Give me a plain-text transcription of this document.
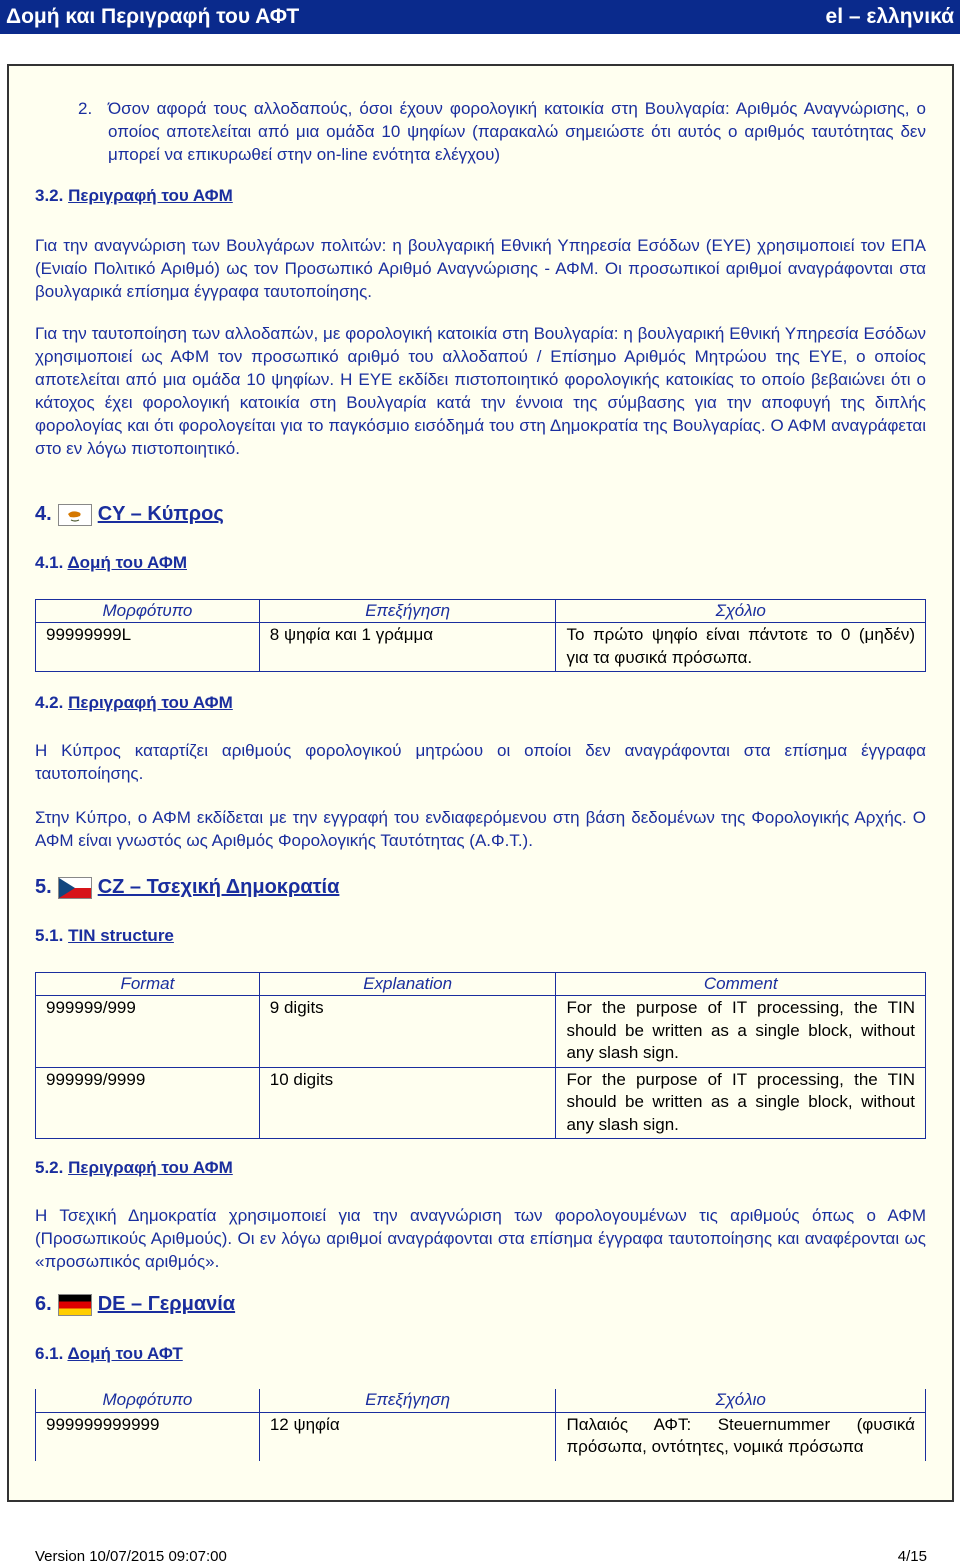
Δομή και Περιγραφή του ΑΦΤ	el – ελληνικά
2. Όσον αφορά τους αλλοδαπούς, όσοι έχουν φορολογική κατοικία στη Βουλγαρία: Αριθμός Αναγνώρισης, ο οποίος αποτελείται από μια ομάδα 10 ψηφίων (παρακαλώ σημειώστε ότι αυτός ο αριθμός ταυτότητας δεν μπορεί να επικυρωθεί στην on-line ενότητα ελέγχου)
3.2. Περιγραφή του ΑΦΜ
Για την αναγνώριση των Βουλγάρων πολιτών: η βουλγαρική Εθνική Υπηρεσία Εσόδων (ΕΥΕ) χρησιμοποιεί τον ΕΠΑ (Ενιαίο Πολιτικό Αριθμό) ως τον Προσωπικό Αριθμό Αναγνώρισης - ΑΦΜ. Οι προσωπικοί αριθμοί αναγράφονται στα βουλγαρικά επίσημα έγγραφα ταυτοποίησης.
Για την ταυτοποίηση των αλλοδαπών, με φορολογική κατοικία στη Βουλγαρία: η βουλγαρική Εθνική Υπηρεσία Εσόδων χρησιμοποιεί ως ΑΦΜ τον προσωπικό αριθμό του αλλοδαπού / Επίσημο Αριθμός Μητρώου της ΕΥΕ, ο οποίος αποτελείται από μια ομάδα 10 ψηφίων. Η ΕΥΕ εκδίδει πιστοποιητικό φορολογικής κατοικίας το οποίο βεβαιώνει ότι ο κάτοχος έχει φορολογική κατοικία στη Βουλγαρία κατά την έννοια της σύμβασης για την αποφυγή της διπλής φορολογίας και ότι φορολογείται για το παγκόσμιο εισόδημά του στη Δημοκρατία της Βουλγαρίας. Ο ΑΦΜ αναγράφεται στο εν λόγω πιστοποιητικό.
4. CY – Κύπρος
4.1. Δομή του ΑΦΜ
Μορφότυπο	Επεξήγηση	Σχόλιο
99999999L	8 ψηφία και 1 γράμμα	Το πρώτο ψηφίο είναι πάντοτε το 0 (μηδέν) για τα φυσικά πρόσωπα.
4.2. Περιγραφή του ΑΦΜ
Η Κύπρος καταρτίζει αριθμούς φορολογικού μητρώου οι οποίοι δεν αναγράφονται στα επίσημα έγγραφα ταυτοποίησης.
Στην Κύπρο, ο ΑΦΜ εκδίδεται με την εγγραφή του ενδιαφερόμενου στη βάση δεδομένων της Φορολογικής Αρχής. Ο ΑΦΜ είναι γνωστός ως Αριθμός Φορολογικής Ταυτότητας (Α.Φ.Τ.).
5. CZ – Τσεχική Δημοκρατία
5.1. TIN structure
Format	Explanation	Comment
999999/999	9 digits	For the purpose of IT processing, the TIN should be written as a single block, without any slash sign.
999999/9999	10 digits	For the purpose of IT processing, the TIN should be written as a single block, without any slash sign.
5.2. Περιγραφή του ΑΦΜ
Η Τσεχική Δημοκρατία χρησιμοποιεί για την αναγνώριση των φορολογουμένων τις αριθμούς όπως ο ΑΦΜ (Προσωπικούς Αριθμούς). Οι εν λόγω αριθμοί αναγράφονται στα επίσημα έγγραφα ταυτοποίησης και αναφέρονται ως «προσωπικός αριθμός».
6. DE – Γερμανία
6.1. Δομή του ΑΦΤ
Μορφότυπο	Επεξήγηση	Σχόλιο
999999999999	12 ψηφία	Παλαιός ΑΦΤ: Steuernummer (φυσικά πρόσωπα, οντότητες, νομικά πρόσωπα
Version 10/07/2015 09:07:00	4/15
